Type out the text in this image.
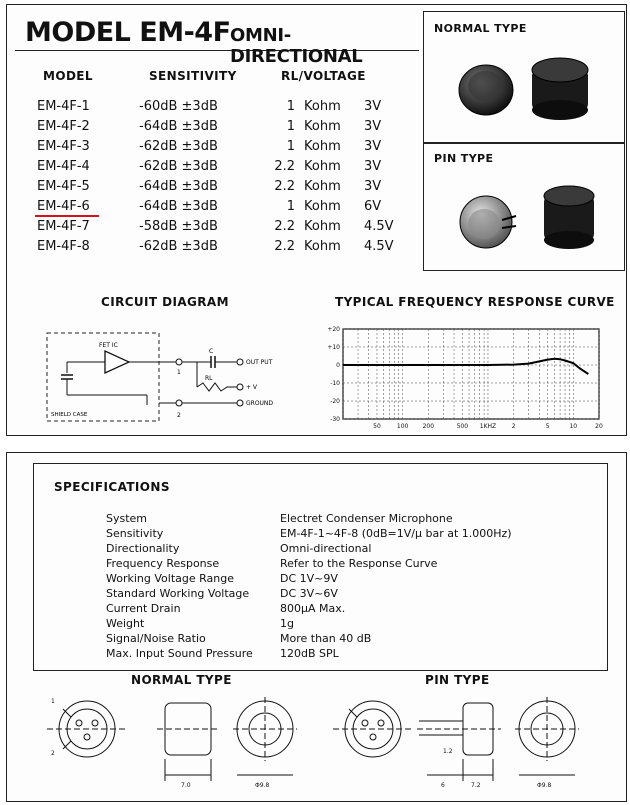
MODEL EM-4F OMNI-DIRECTIONAL
MODEL	SENSITIVITY	RL/VOLTAGE
EM-4F-1	-60dB ±3dB	1 Kohm 3V
EM-4F-2	-64dB ±3dB	1 Kohm 3V
EM-4F-3	-62dB ±3dB	1 Kohm 3V
EM-4F-4	-62dB ±3dB	2.2 Kohm 3V
EM-4F-5	-64dB ±3dB	2.2 Kohm 3V
EM-4F-6	-64dB ±3dB	1 Kohm 6V
EM-4F-7	-58dB ±3dB	2.2 Kohm 4.5V
EM-4F-8	-62dB ±3dB	2.2 Kohm 4.5V
NORMAL TYPE
PIN TYPE
CIRCUIT DIAGRAM
FET IC
1
C
OUT PUT
RL
+ V
2
GROUND
SHIELD CASE
TYPICAL FREQUENCY RESPONSE CURVE
+20
+10
0
-10
-20
-30
50	100 200	500 1KHZ	2	5	10	20
SPECIFICATIONS
System	Electret Condenser Microphone
Sensitivity	EM-4F-1~4F-8 (0dB=1V/μ bar at 1.000Hz)
Directionality	Omni-directional
Frequency Response	Refer to the Response Curve
Working Voltage Range	DC 1V~9V
Standard Working Voltage	DC 3V~6V
Current Drain	800μA Max.
Weight	1g
Signal/Noise Ratio	More than 40 dB
Max. Input Sound Pressure 120dB SPL
NORMAL TYPE	PIN TYPE
1
2
7.0	Φ9.8
1.2
6	7.2	Φ9.8
